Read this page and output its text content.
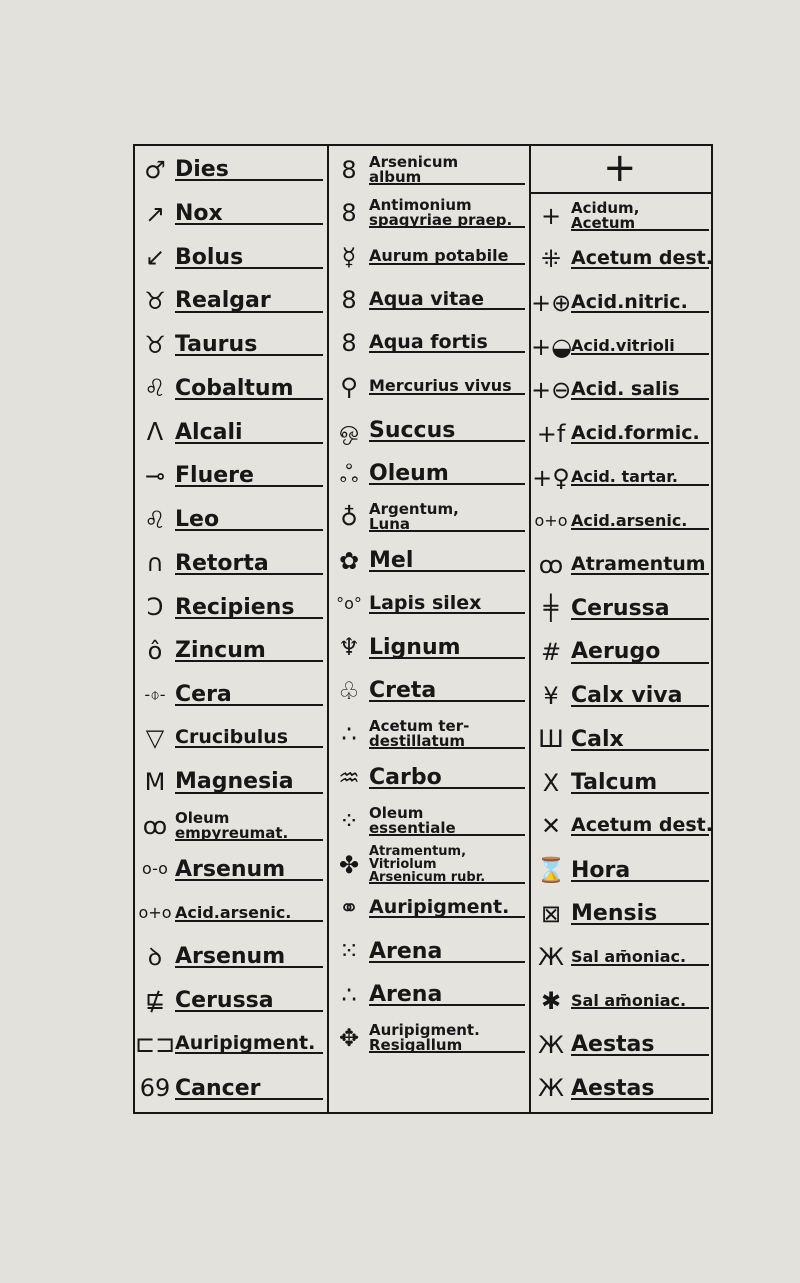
+
♂ Dies
↗ Nox
↙ Bolus
♉ Realgar
♉ Taurus
♌ Cobaltum
ᐱ Alcali
⊸ Fluere
♌ Leo
∩ Retorta
Ↄ Recipiens
ô Zincum
-⌽- Cera
▽ Crucibulus
M Magnesia
ꝏ Oleum
empyreumat.
o-o Arsenum
o+o Acid.arsenic.
ꝺ Arsenum
⋢ Cerussa
⊏⊐ Auripigment.
69 Cancer
8 Arsenicum
album
8 Antimonium
spagyriae praep.
☿ Aurum potabile
8 Aqua vitae
8 Aqua fortis
⚲ Mercurius vivus
ஒ Succus
ஃ Oleum
♁ Argentum,
Luna
✿ Mel
°o° Lapis silex
♆ Lignum
♧ Creta
∴ Acetum ter-
destillatum
♒ Carbo
⁘ Oleum
essentiale
✤ Atramentum,
Vitriolum
Arsenicum rubr.
⚭ Auripigment.
⁙ Arena
∴ Arena
✥ Auripigment.
Resigallum
+ Acidum,
Acetum
⁜ Acetum dest.
+⊕ Acid.nitric.
+◒
Acid.vitrioli
+⊖ Acid. salis
+f Acid.formic.
+♀ Acid. tartar.
o+o Acid.arsenic.
ꝏ Atramentum
╪ Cerussa
# Aerugo
¥ Calx viva
Ш Calx
X Talcum
✕ Acetum dest.
⌛ Hora
⊠ Mensis
Ж Sal am̄oniac.
✱ Sal am̄oniac.
Ж Aestas
Ж Aestas
